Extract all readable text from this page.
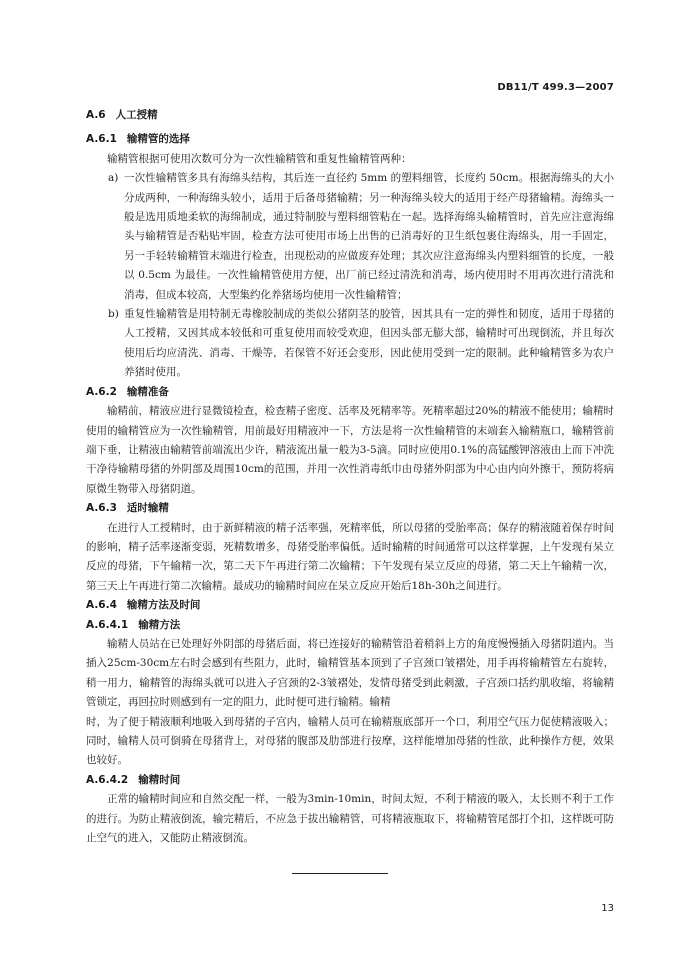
DB11/T 499.3—2007

A.6 人工授精

A.6.1 输精管的选择

输精管根据可使用次数可分为一次性输精管和重复性输精管两种：

a) 一次性输精管多具有海绵头结构，其后连一直径约 5mm 的塑料细管，长度约 50cm。根据海绵头的大小分成两种，一种海绵头较小，适用于后备母猪输精；另一种海绵头较大的适用于经产母猪输精。海绵头一般是选用质地柔软的海绵制成，通过特制胶与塑料细管粘在一起。选择海绵头输精管时，首先应注意海绵头与输精管是否粘贴牢固，检查方法可使用市场上出售的已消毒好的卫生纸包裹住海绵头，用一手固定，另一手轻转输精管末端进行检查，出现松动的应做废弃处理；其次应注意海绵头内塑料细管的长度，一般以 0.5cm 为最佳。一次性输精管使用方便，出厂前已经过清洗和消毒，场内使用时不用再次进行清洗和消毒，但成本较高，大型集约化养猪场均使用一次性输精管；

b) 重复性输精管是用特制无毒橡胶制成的类似公猪阴茎的胶管，因其具有一定的弹性和韧度，适用于母猪的人工授精，又因其成本较低和可重复使用而较受欢迎，但因头部无膨大部，输精时可出现倒流，并且每次使用后均应清洗、消毒、干燥等，若保管不好还会变形，因此使用受到一定的限制。此种输精管多为农户养猪时使用。

A.6.2 输精准备

输精前，精液应进行显微镜检查，检查精子密度、活率及死精率等。死精率超过20%的精液不能使用；输精时使用的输精管应为一次性输精管，用前最好用精液冲一下，方法是将一次性输精管的末端套入输精瓶口，输精管前端下垂，让精液由输精管前端流出少许，精液流出量一般为3-5滴。同时应使用0.1%的高锰酸钾溶液由上而下冲洗干净待输精母猪的外阴部及周围10cm的范围，并用一次性消毒纸巾由母猪外阴部为中心由内向外擦干，预防将病原微生物带入母猪阴道。

A.6.3 适时输精

在进行人工授精时，由于新鲜精液的精子活率强，死精率低，所以母猪的受胎率高；保存的精液随着保存时间的影响，精子活率逐渐变弱，死精数增多，母猪受胎率偏低。适时输精的时间通常可以这样掌握，上午发现有呆立反应的母猪，下午输精一次，第二天下午再进行第二次输精；下午发现有呆立反应的母猪，第二天上午输精一次，第三天上午再进行第二次输精。最成功的输精时间应在呆立反应开始后18h-30h之间进行。

A.6.4 输精方法及时间

A.6.4.1 输精方法

输精人员站在已处理好外阴部的母猪后面，将已连接好的输精管沿着稍斜上方的角度慢慢插入母猪阴道内。当插入25cm-30cm左右时会感到有些阻力，此时，输精管基本顶到了子宫颈口皱褶处，用手再将输精管左右旋转，稍一用力，输精管的海绵头就可以进入子宫颈的2-3皱褶处，发情母猪受到此刺激，子宫颈口括约肌收缩，将输精管锁定，再回拉时则感到有一定的阻力，此时便可进行输精。输精

时，为了便于精液顺利地吸入到母猪的子宫内，输精人员可在输精瓶底部开一个口，利用空气压力促使精液吸入；同时，输精人员可倒骑在母猪背上，对母猪的腹部及肋部进行按摩，这样能增加母猪的性欲，此种操作方便，效果也较好。

A.6.4.2 输精时间

正常的输精时间应和自然交配一样，一般为3min-10min，时间太短，不利于精液的吸入，太长则不利于工作的进行。为防止精液倒流，输完精后，不应急于拔出输精管，可将精液瓶取下，将输精管尾部打个扣，这样既可防止空气的进入，又能防止精液倒流。

13
